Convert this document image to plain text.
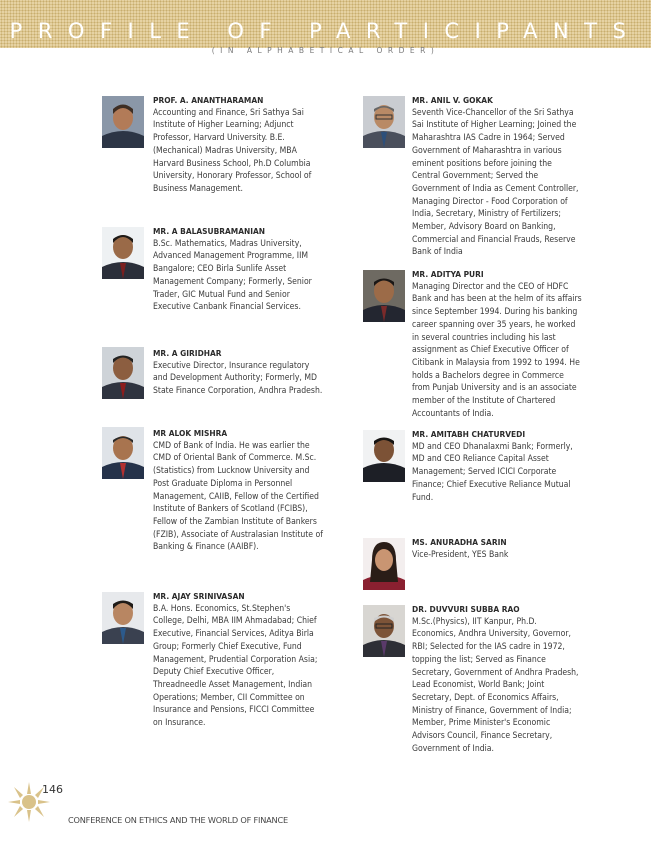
PROFILE OF PARTICIPANTS
(IN ALPHABETICAL ORDER)
PROF. A. ANANTHARAMAN
Accounting and Finance, Sri Sathya Sai Institute of Higher Learning; Adjunct Professor, Harvard University. B.E.(Mechanical) Madras University, MBA Harvard Business School, Ph.D Columbia University, Honorary Professor, School of Business Management.
MR. A BALASUBRAMANIAN
B.Sc. Mathematics, Madras University, Advanced Management Programme, IIM Bangalore; CEO Birla Sunlife Asset Management Company; Formerly, Senior Trader, GIC Mutual Fund and Senior Executive Canbank Financial Services.
MR. A GIRIDHAR
Executive Director, Insurance regulatory and Development Authority; Formerly, MD State Finance Corporation, Andhra Pradesh.
MR ALOK MISHRA
CMD of Bank of India. He was earlier the CMD of Oriental Bank of Commerce. M.Sc. (Statistics) from Lucknow University and Post Graduate Diploma in Personnel Management, CAIIB, Fellow of the Certified Institute of Bankers of Scotland (FCIBS), Fellow of the Zambian Institute of Bankers (FZIB), Associate of Australasian Institute of Banking & Finance (AAIBF).
MR. AJAY SRINIVASAN
B.A. Hons. Economics, St.Stephen's College, Delhi, MBA IIM Ahmadabad; Chief Executive, Financial Services, Aditya Birla Group; Formerly Chief Executive, Fund Management, Prudential Corporation Asia; Deputy Chief Executive Officer, Threadneedle Asset Management, Indian Operations; Member, CII Committee on Insurance and Pensions, FICCI Committee on Insurance.
MR. ANIL V. GOKAK
Seventh Vice-Chancellor of the Sri Sathya Sai Institute of Higher Learning; Joined the Maharashtra IAS Cadre in 1964; Served Government of Maharashtra in various eminent positions before joining the Central Government; Served the Government of India as Cement Controller, Managing Director - Food Corporation of India, Secretary, Ministry of Fertilizers; Member, Advisory Board on Banking, Commercial and Financial Frauds, Reserve Bank of India
MR. ADITYA PURI
Managing Director and the CEO of HDFC Bank and has been at the helm of its affairs since September 1994. During his banking career spanning over 35 years, he worked in several countries including his last assignment as Chief Executive Officer of Citibank in Malaysia from 1992 to 1994. He holds a Bachelors degree in Commerce from Punjab University and is an associate member of the Institute of Chartered Accountants of India.
MR. AMITABH CHATURVEDI
MD and CEO Dhanalaxmi Bank; Formerly, MD and CEO Reliance Capital Asset Management; Served ICICI Corporate Finance; Chief Executive Reliance Mutual Fund.
MS. ANURADHA SARIN
Vice-President, YES Bank
DR. DUVVURI SUBBA RAO
M.Sc.(Physics), IIT Kanpur, Ph.D. Economics, Andhra University, Governor, RBI; Selected for the IAS cadre in 1972, topping the list; Served as Finance Secretary, Government of Andhra Pradesh, Lead Economist, World Bank; Joint Secretary, Dept. of Economics Affairs, Ministry of Finance, Government of India; Member, Prime Minister's Economic Advisors Council, Finance Secretary, Government of India.
146
CONFERENCE ON ETHICS AND THE WORLD OF FINANCE
